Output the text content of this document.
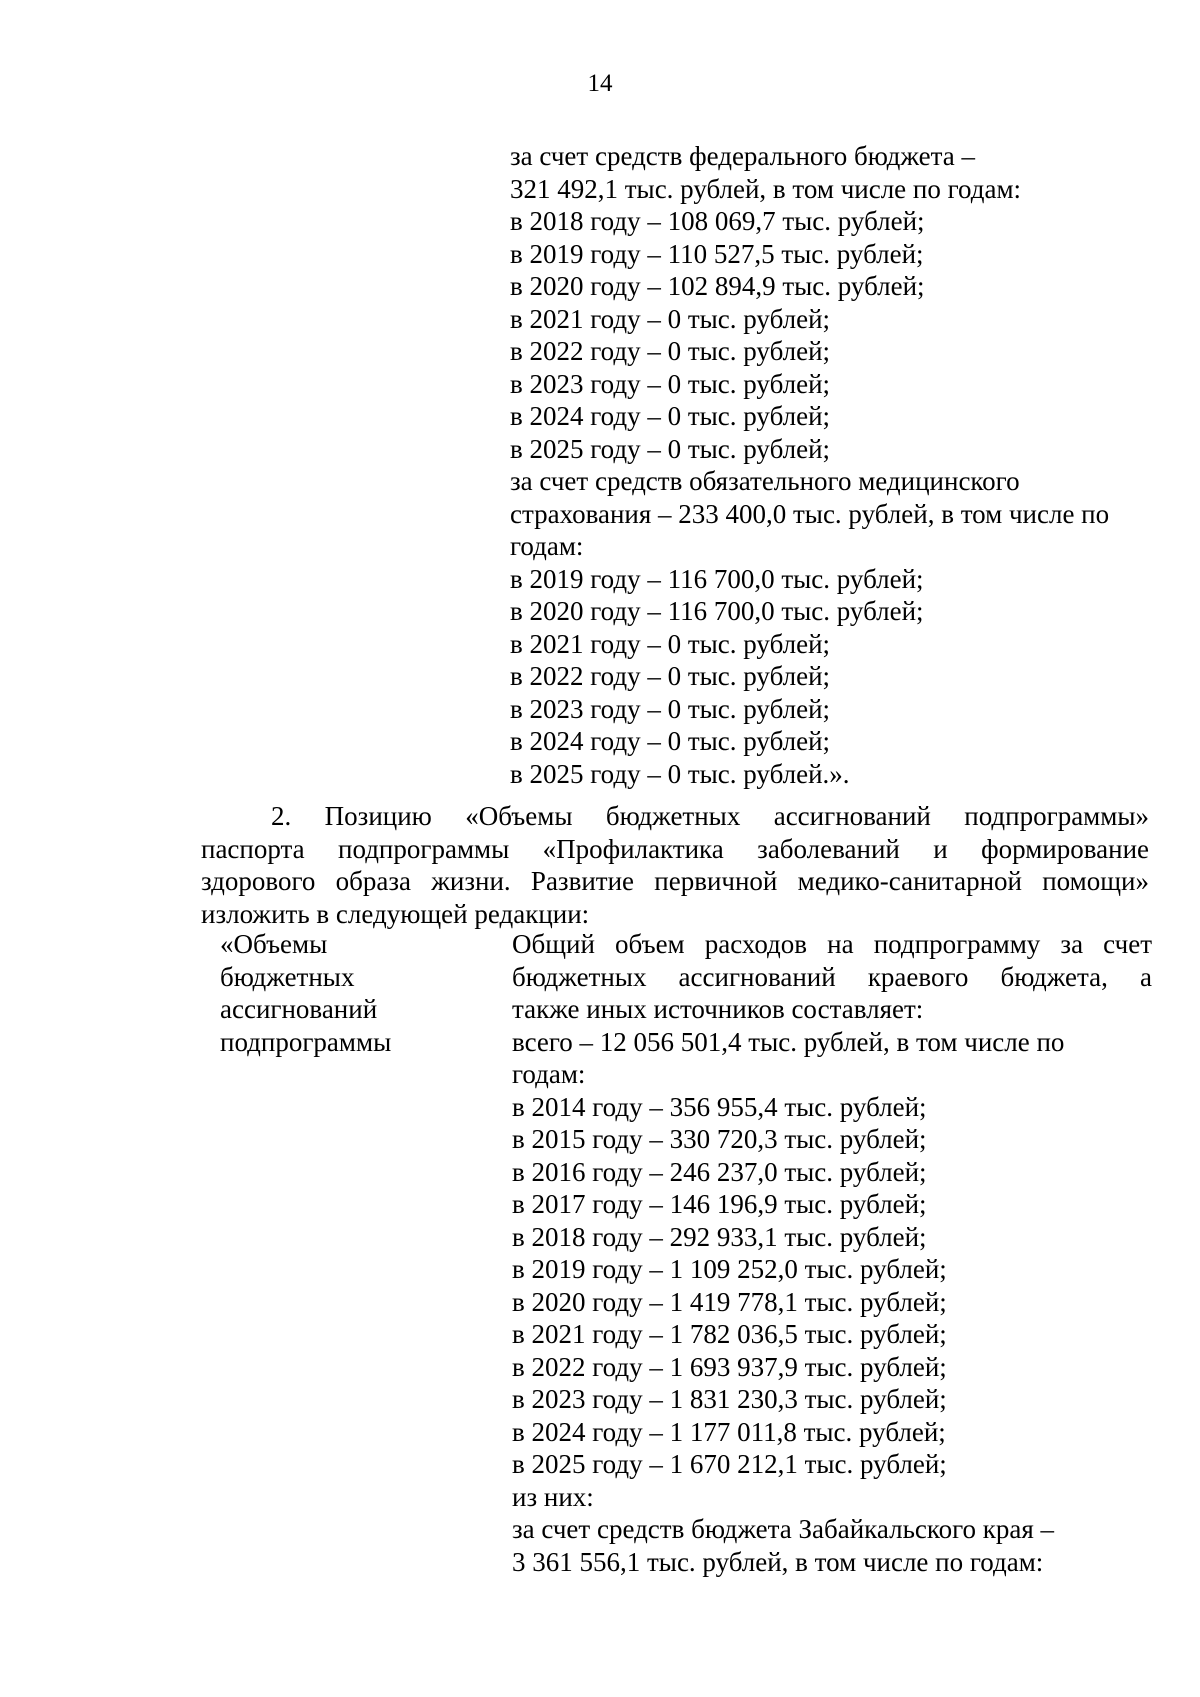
14
за счет средств федерального бюджета –
321 492,1 тыс. рублей, в том числе по годам:
в 2018 году – 108 069,7 тыс. рублей;
в 2019 году – 110 527,5 тыс. рублей;
в 2020 году – 102 894,9 тыс. рублей;
в 2021 году – 0 тыс. рублей;
в 2022 году – 0 тыс. рублей;
в 2023 году – 0 тыс. рублей;
в 2024 году – 0 тыс. рублей;
в 2025 году – 0 тыс. рублей;
за счет средств обязательного медицинского
страхования – 233 400,0 тыс. рублей, в том числе по
годам:
в 2019 году – 116 700,0 тыс. рублей;
в 2020 году – 116 700,0 тыс. рублей;
в 2021 году – 0 тыс. рублей;
в 2022 году – 0 тыс. рублей;
в 2023 году – 0 тыс. рублей;
в 2024 году – 0 тыс. рублей;
в 2025 году – 0 тыс. рублей.».
2. Позицию «Объемы бюджетных ассигнований подпрограммы»
паспорта подпрограммы «Профилактика заболеваний и формирование
здорового образа жизни. Развитие первичной медико-санитарной помощи»
изложить в следующей редакции:
«Объемы
бюджетных
ассигнований
подпрограммы
Общий объем расходов на подпрограмму за счет
бюджетных ассигнований краевого бюджета, а
также иных источников составляет:
всего – 12 056 501,4 тыс. рублей, в том числе по
годам:
в 2014 году – 356 955,4 тыс. рублей;
в 2015 году – 330 720,3 тыс. рублей;
в 2016 году – 246 237,0 тыс. рублей;
в 2017 году – 146 196,9 тыс. рублей;
в 2018 году – 292 933,1 тыс. рублей;
в 2019 году – 1 109 252,0 тыс. рублей;
в 2020 году – 1 419 778,1 тыс. рублей;
в 2021 году – 1 782 036,5 тыс. рублей;
в 2022 году – 1 693 937,9 тыс. рублей;
в 2023 году – 1 831 230,3 тыс. рублей;
в 2024 году – 1 177 011,8 тыс. рублей;
в 2025 году – 1 670 212,1 тыс. рублей;
из них:
за счет средств бюджета Забайкальского края –
3 361 556,1 тыс. рублей, в том числе по годам:
